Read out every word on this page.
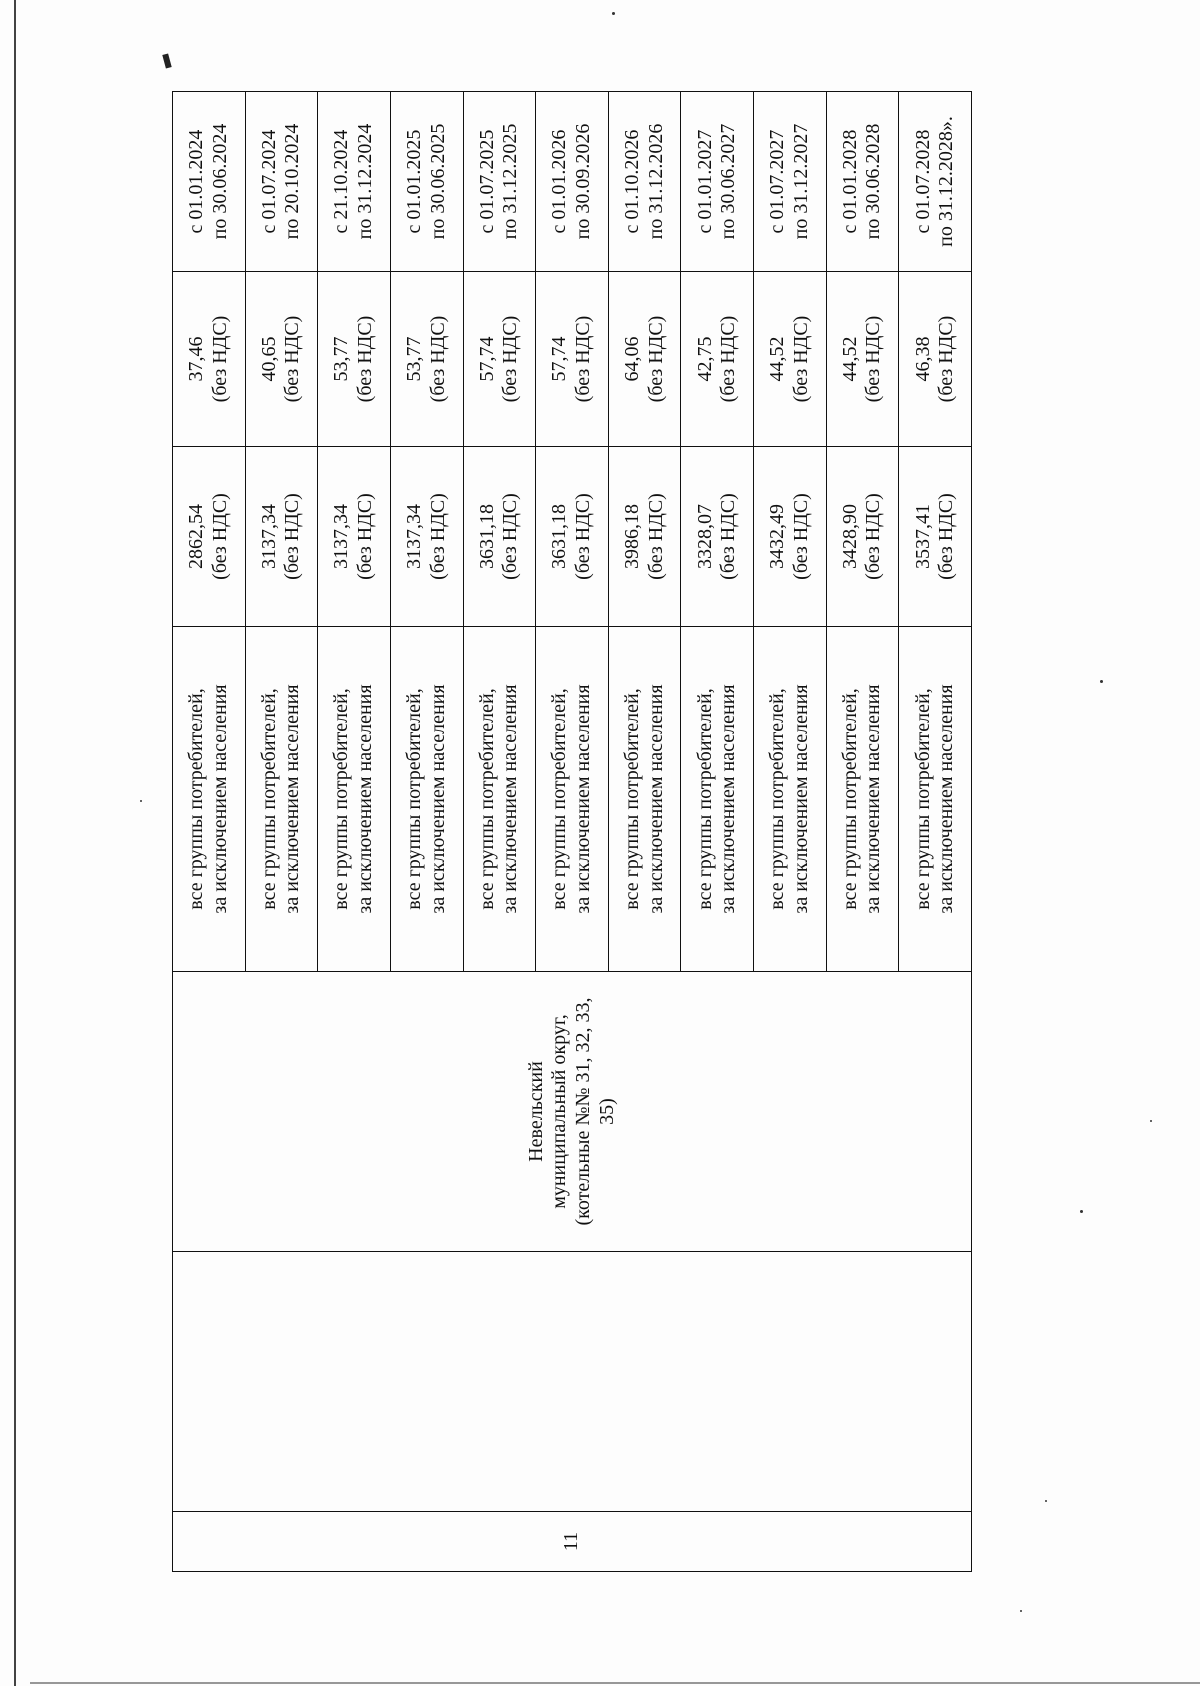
11		Невельский муниципальный округ, (котельные №№ 31, 32, 33, 35)	все группы потребителей, за исключением населения	2862,54 (без НДС)	37,46 (без НДС)	с 01.01.2024 по 30.06.2024

			все группы потребителей, за исключением населения	3137,34 (без НДС)	40,65 (без НДС)	с 01.07.2024 по 20.10.2024

			все группы потребителей, за исключением населения	3137,34 (без НДС)	53,77 (без НДС)	с 21.10.2024 по 31.12.2024

			все группы потребителей, за исключением населения	3137,34 (без НДС)	53,77 (без НДС)	с 01.01.2025 по 30.06.2025

			все группы потребителей, за исключением населения	3631,18 (без НДС)	57,74 (без НДС)	с 01.07.2025 по 31.12.2025

			все группы потребителей, за исключением населения	3631,18 (без НДС)	57,74 (без НДС)	с 01.01.2026 по 30.09.2026

			все группы потребителей, за исключением населения	3986,18 (без НДС)	64,06 (без НДС)	с 01.10.2026 по 31.12.2026

			все группы потребителей, за исключением населения	3328,07 (без НДС)	42,75 (без НДС)	с 01.01.2027 по 30.06.2027

			все группы потребителей, за исключением населения	3432,49 (без НДС)	44,52 (без НДС)	с 01.07.2027 по 31.12.2027

			все группы потребителей, за исключением населения	3428,90 (без НДС)	44,52 (без НДС)	с 01.01.2028 по 30.06.2028

			все группы потребителей, за исключением населения	3537,41 (без НДС)	46,38 (без НДС)	с 01.07.2028 по 31.12.2028».
